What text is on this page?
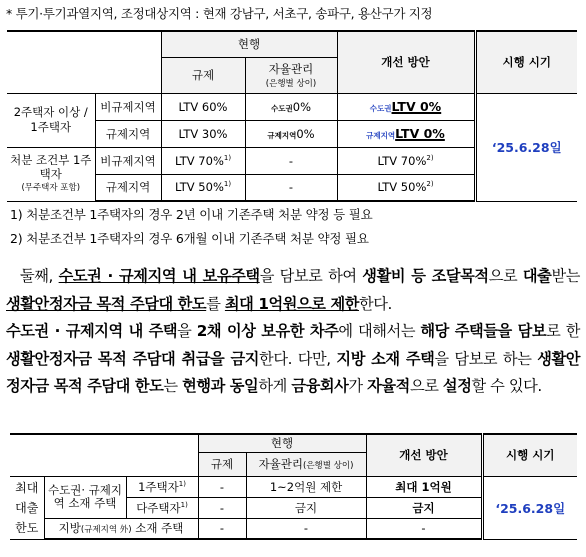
* 투기·투기과열지역, 조정대상지역 : 현재 강남구, 서초구, 송파구, 용산구가 지정
		현행		개선 방안	시행 시기
		규제	자율관리
(은행별 상이)		

2주택자 이상 / 1주택자	비규제지역	LTV 60%	수도권0%	수도권LTV 0%	‘25.6.28일
	규제지역	LTV 30%	규제지역0%	규제지역LTV 0%	

처분 조건부 1주택자
(무주택자 포함)	비규제지역	LTV 70%$^{1)}$	-	LTV 70%$^{2)}$
	규제지역	LTV 50%$^{1)}$	-	LTV 50%$^{2)}$
1) 처분조건부 1주택자의 경우 2년 이내 기존주택 처분 약정 등 필요
2) 처분조건부 1주택자의 경우 6개월 이내 기존주택 처분 약정 필요
둘째, 수도권 · 규제지역 내 보유주택을 담보로 하여 생활비 등 조달목적으로 대출받는 생활안정자금 목적 주담대 한도를 최대 1억원으로 제한한다.
수도권 · 규제지역 내 주택을 2채 이상 보유한 차주에 대해서는 해당 주택들을 담보로 한 생활안정자금 목적 주담대 취급을 금지한다. 다만, 지방 소재 주택을 담보로 하는 생활안정자금 목적 주담대 한도는 현행과 동일하게 금융회사가 자율적으로 설정할 수 있다.
			현행		개선 방안	시행 시기
			규제	자율관리(은행별 상이)		
최대 대출 한도	수도권· 규제지역 소재 주택	1주택자$^{1)}$	-	1~2억원 제한	최대 1억원	‘25.6.28일
		다주택자$^{1)}$	-	금지	금지	
	지방(규제지역 外) 소재 주택		-	-	-	
